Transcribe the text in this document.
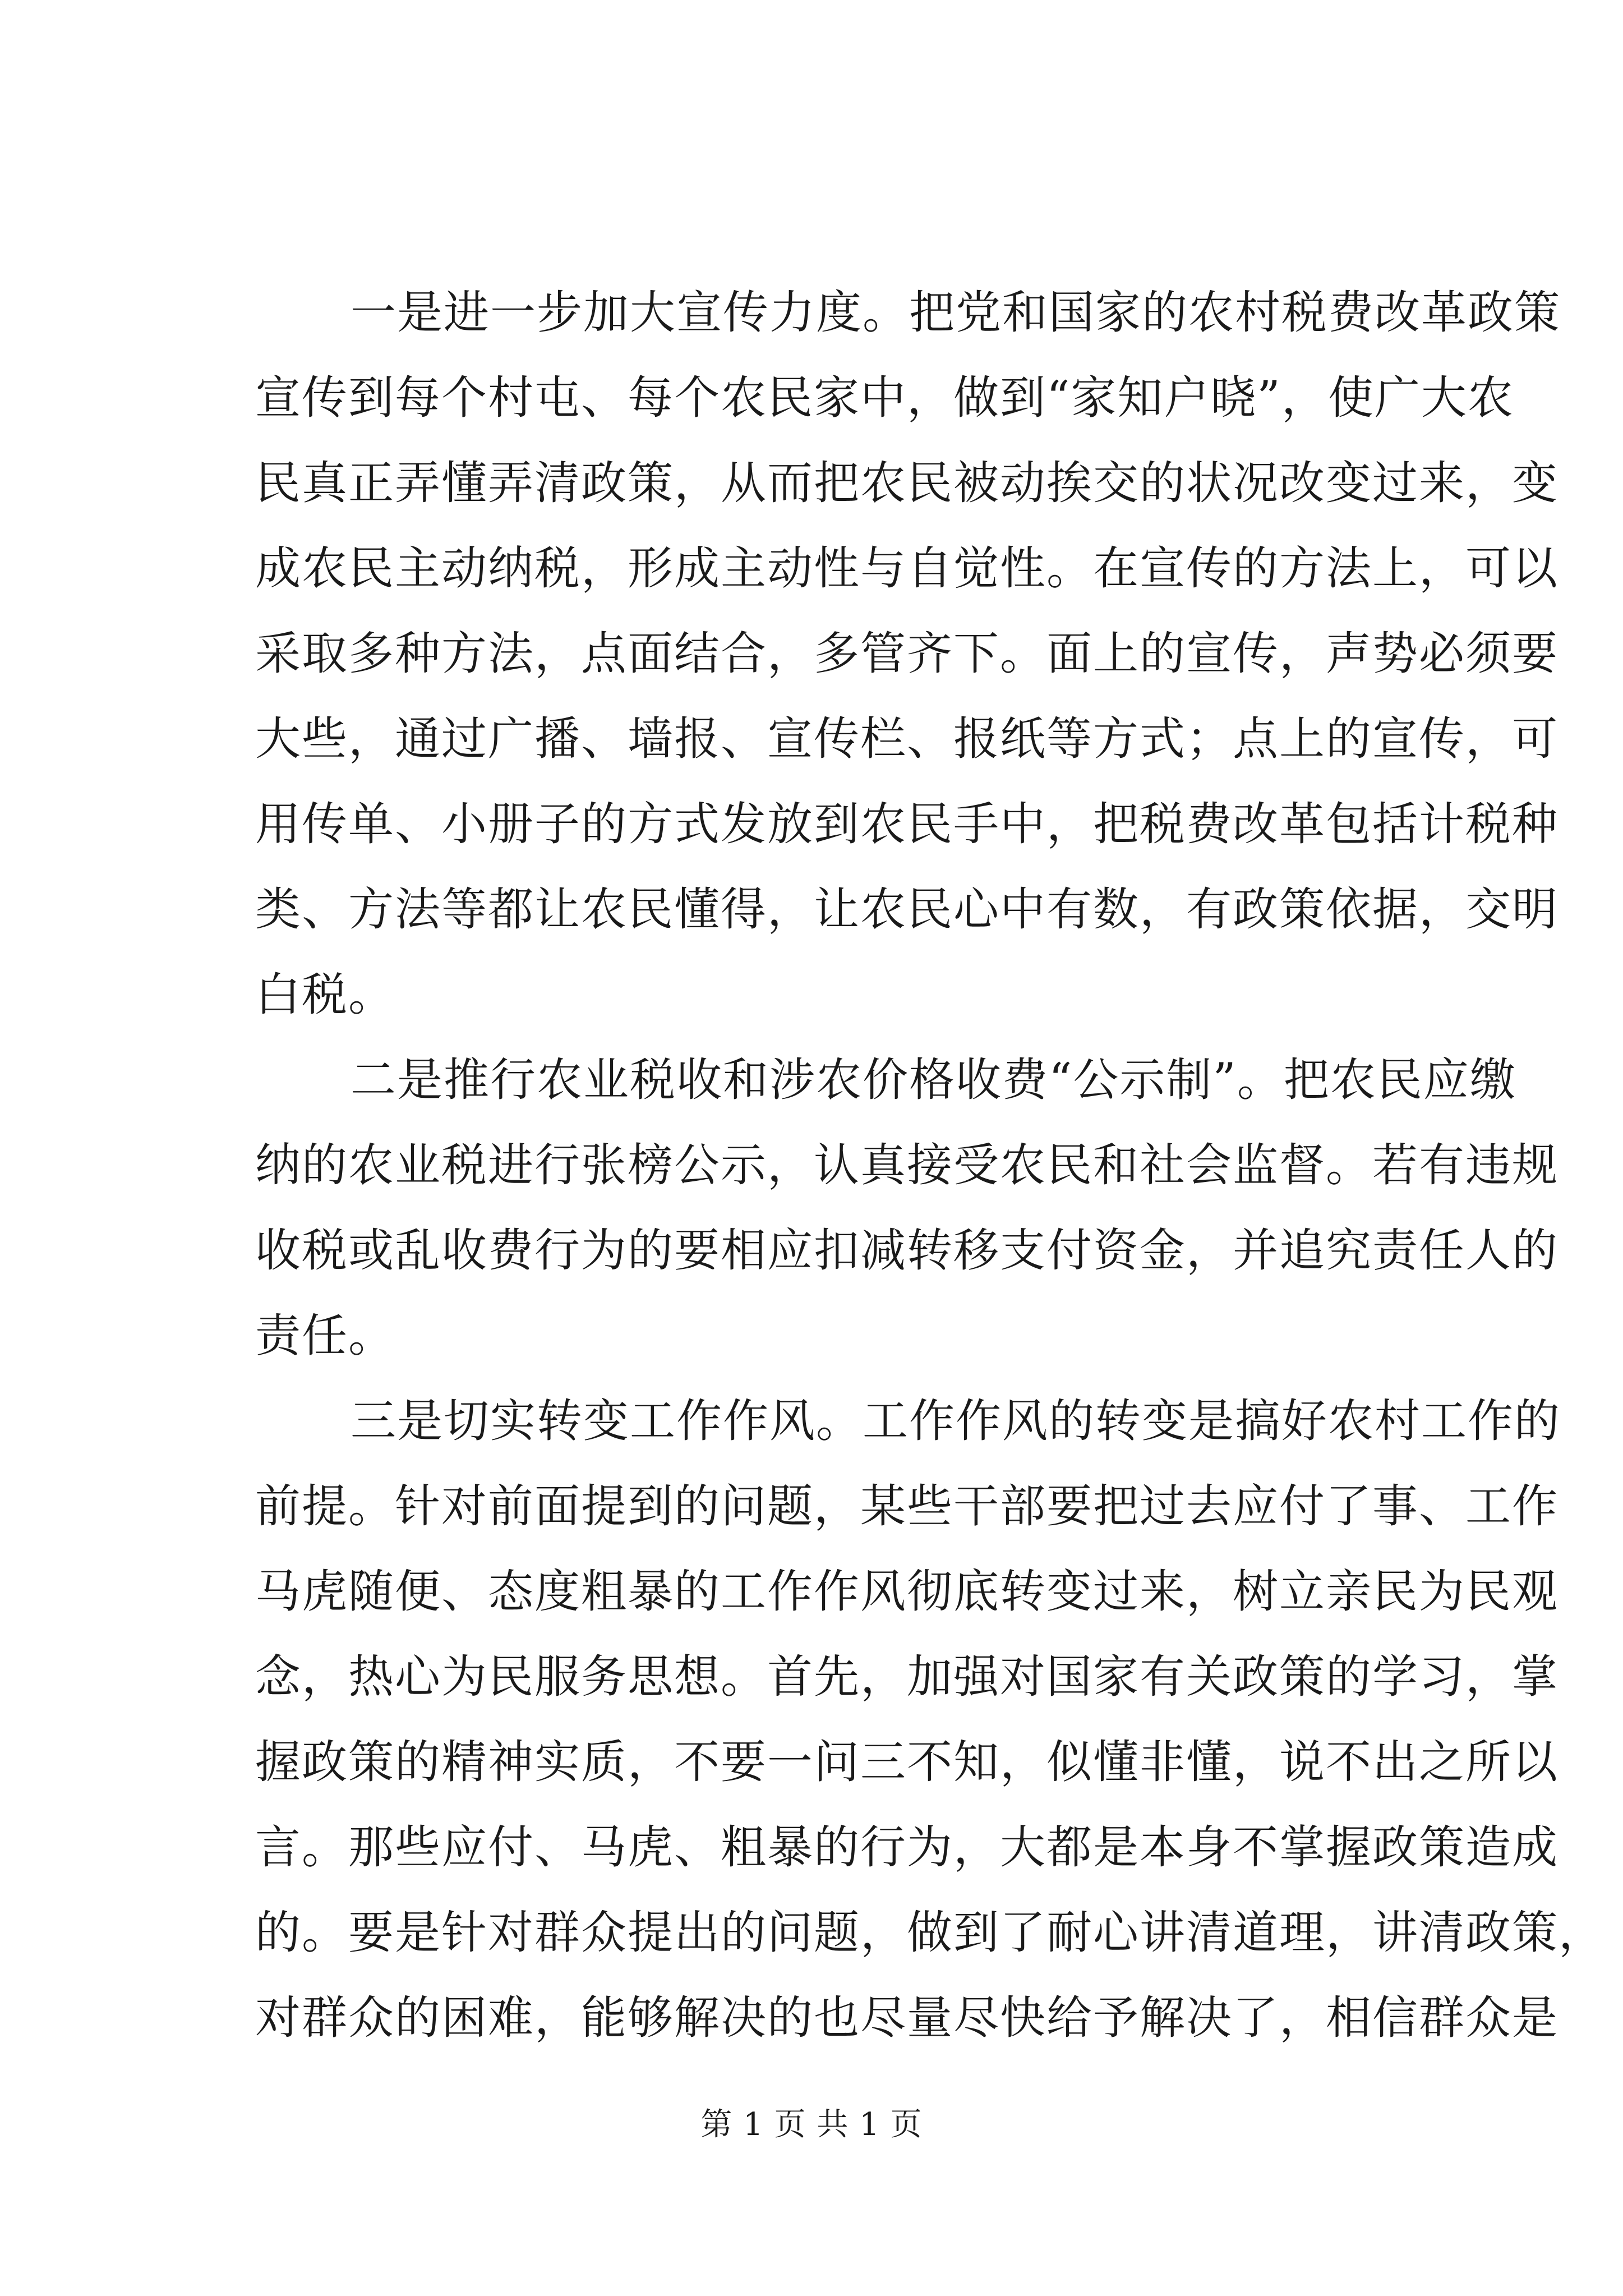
一是进一步加大宣传力度。把党和国家的农村税费改革政策
宣传到每个村屯、每个农民家中，做到“家知户晓”，使广大农
民真正弄懂弄清政策，从而把农民被动挨交的状况改变过来，变
成农民主动纳税，形成主动性与自觉性。在宣传的方法上，可以
采取多种方法，点面结合，多管齐下。面上的宣传，声势必须要
大些，通过广播、墙报、宣传栏、报纸等方式；点上的宣传，可
用传单、小册子的方式发放到农民手中，把税费改革包括计税种
类、方法等都让农民懂得，让农民心中有数，有政策依据，交明
白税。
二是推行农业税收和涉农价格收费“公示制”。把农民应缴
纳的农业税进行张榜公示，认真接受农民和社会监督。若有违规
收税或乱收费行为的要相应扣减转移支付资金，并追究责任人的
责任。
三是切实转变工作作风。工作作风的转变是搞好农村工作的
前提。针对前面提到的问题，某些干部要把过去应付了事、工作
马虎随便、态度粗暴的工作作风彻底转变过来，树立亲民为民观
念，热心为民服务思想。首先，加强对国家有关政策的学习，掌
握政策的精神实质，不要一问三不知，似懂非懂，说不出之所以
言。那些应付、马虎、粗暴的行为，大都是本身不掌握政策造成
的。要是针对群众提出的问题，做到了耐心讲清道理，讲清政策，
对群众的困难，能够解决的也尽量尽快给予解决了，相信群众是
第 1 页 共 1 页
